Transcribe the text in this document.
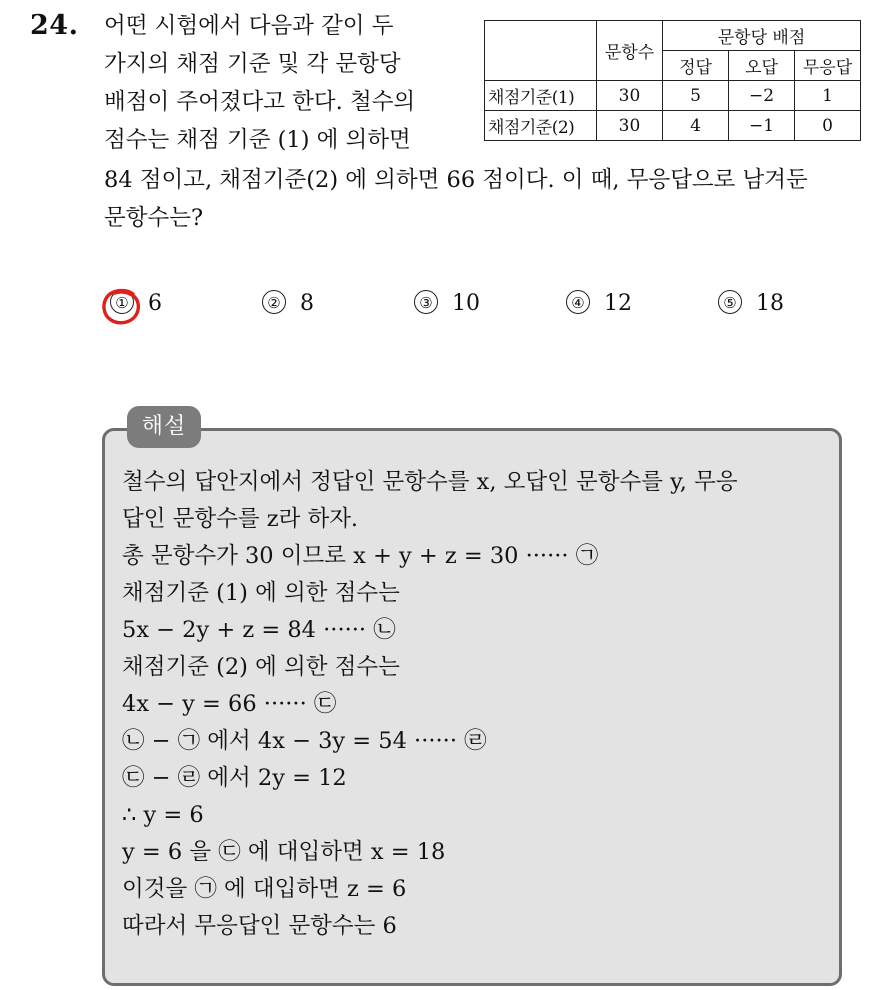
24. 어떤 시험에서 다음과 같이 두
가지의 채점 기준 및 각 문항당
배점이 주어졌다고 한다. 철수의
점수는 채점 기준 (1) 에 의하면
84 점이고, 채점기준(2) 에 의하면 66 점이다. 이 때, 무응답으로 남겨둔
문항수는?
	문항수	문항당 배점		
		정답	오답	무응답
채점기준(1)	30	5	−2	1
채점기준(2)	30	4	−1	0
① 6	② 8	③ 10	④ 12	⑤ 18
해설
철수의 답안지에서 정답인 문항수를 x, 오답인 문항수를 y, 무응
답인 문항수를 z라 하자.
총 문항수가 30 이므로 x + y + z = 30 ······ ㉠
채점기준 (1) 에 의한 점수는
5x − 2y + z = 84 ······ ㉡
채점기준 (2) 에 의한 점수는
4x − y = 66 ······ ㉢
㉡ − ㉠ 에서 4x − 3y = 54 ······ ㉣
㉢ − ㉣ 에서 2y = 12
∴ y = 6
y = 6 을 ㉢ 에 대입하면 x = 18
이것을 ㉠ 에 대입하면 z = 6
따라서 무응답인 문항수는 6
